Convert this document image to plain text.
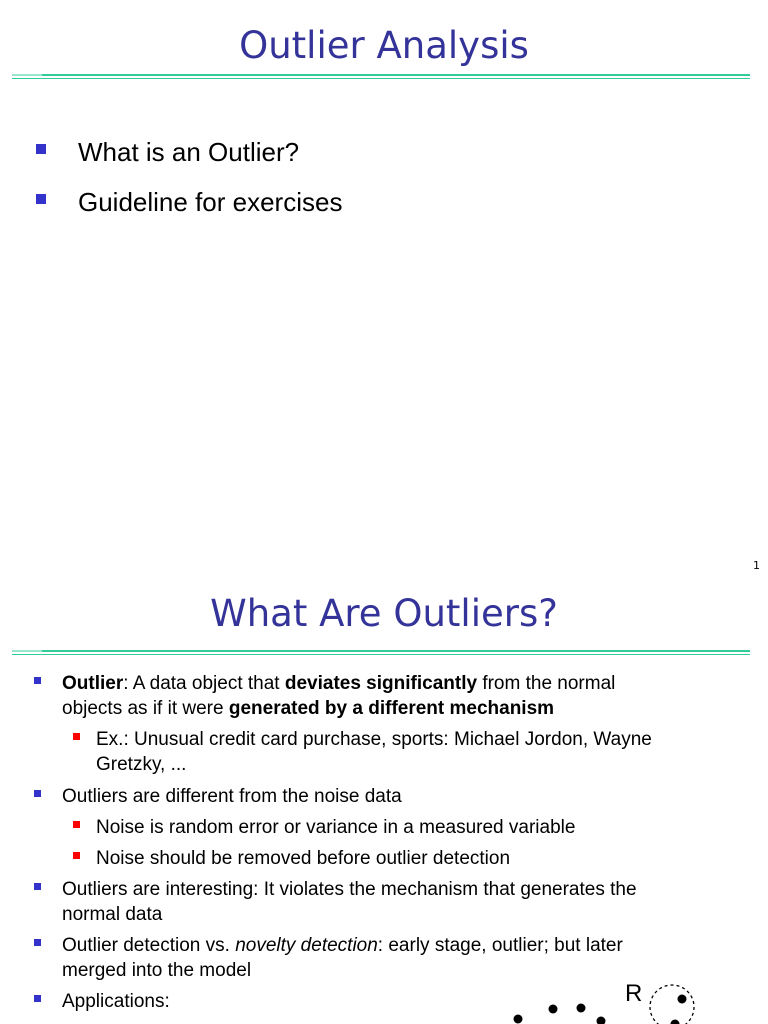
Outlier Analysis
What is an Outlier?
Guideline for exercises
1
What Are Outliers?
Outlier: A data object that deviates significantly from the normal
objects as if it were generated by a different mechanism
Ex.: Unusual credit card purchase, sports: Michael Jordon, Wayne
Gretzky, ...
Outliers are different from the noise data
Noise is random error or variance in a measured variable
Noise should be removed before outlier detection
Outliers are interesting: It violates the mechanism that generates the
normal data
Outlier detection vs. novelty detection: early stage, outlier; but later
merged into the model
Applications:	R
